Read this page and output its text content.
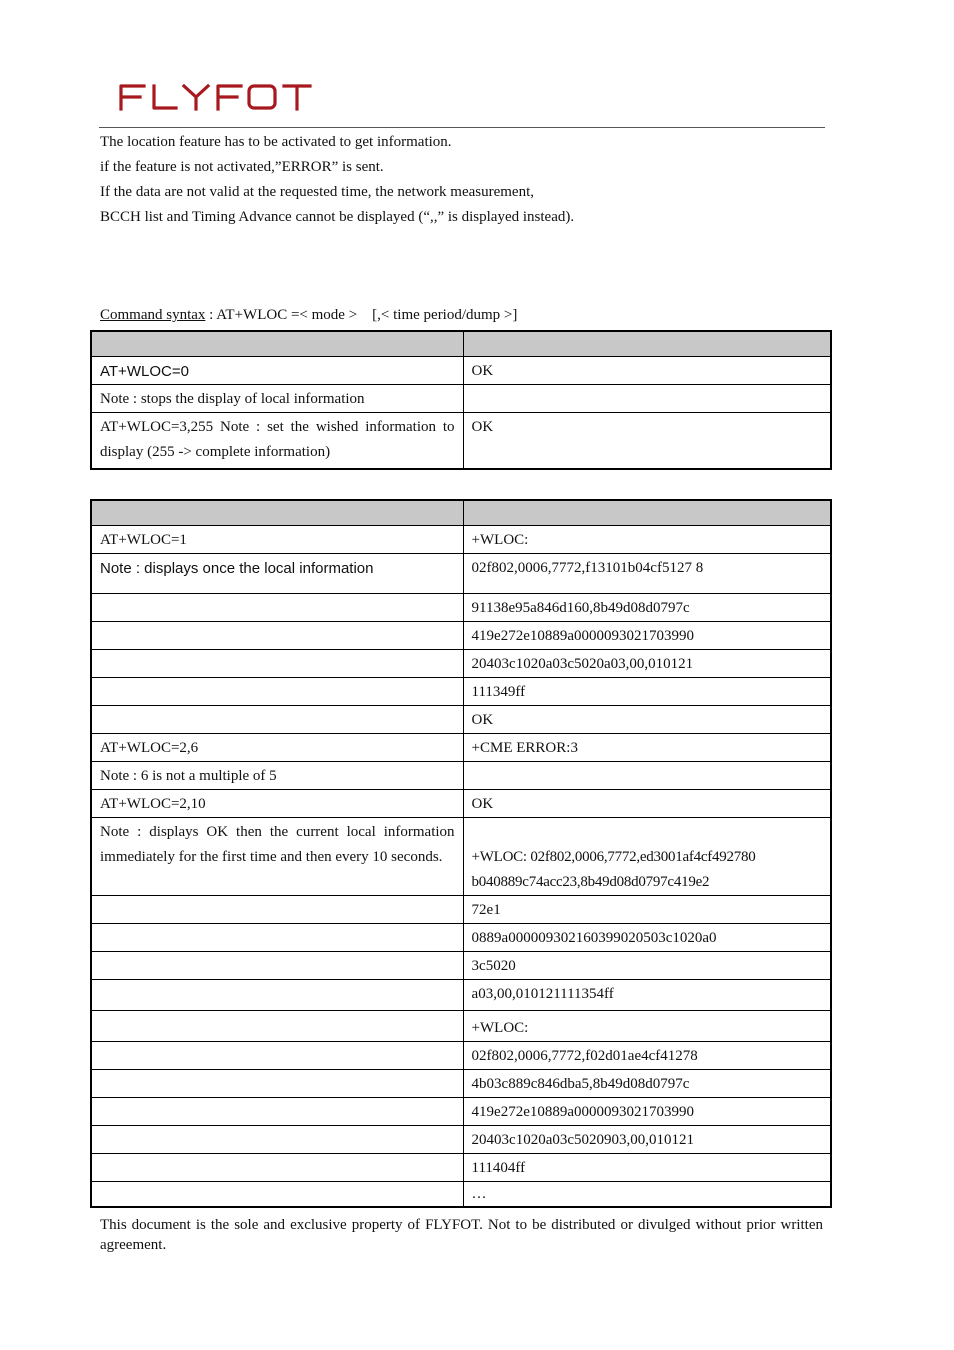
The location feature has to be activated to get information.

if the feature is not activated,”ERROR” is sent.

If the data are not valid at the requested time, the network measurement,

BCCH list and Timing Advance cannot be displayed (“,,” is displayed instead).

Command syntax : AT+WLOC =< mode >    [,< time period/dump >]

AT+WLOC=0	OK
Note : stops the display of local information	
AT+WLOC=3,255 Note : set the wished information to display (255 -> complete information)	OK

AT+WLOC=1	+WLOC:
Note : displays once the local information	02f802,0006,7772,f13101b04cf5127 8
	91138e95a846d160,8b49d08d0797c
	419e272e10889a0000093021703990
	20403c1020a03c5020a03,00,010121
	111349ff
	OK
AT+WLOC=2,6	+CME ERROR:3
Note : 6 is not a multiple of 5	
AT+WLOC=2,10	OK
Note : displays OK then the current local information immediately for the first time and then every 10 seconds.	+WLOC: 02f802,0006,7772,ed3001af4cf492780 b040889c74acc23,8b49d08d0797c419e2
	72e1
	0889a000009302160399020503c1020a0
	3c5020
	a03,00,010121111354ff
	+WLOC:
	02f802,0006,7772,f02d01ae4cf41278
	4b03c889c846dba5,8b49d08d0797c
	419e272e10889a0000093021703990
	20403c1020a03c5020903,00,010121
	111404ff
	…
This document is the sole and exclusive property of FLYFOT. Not to be distributed or divulged without prior written agreement.
